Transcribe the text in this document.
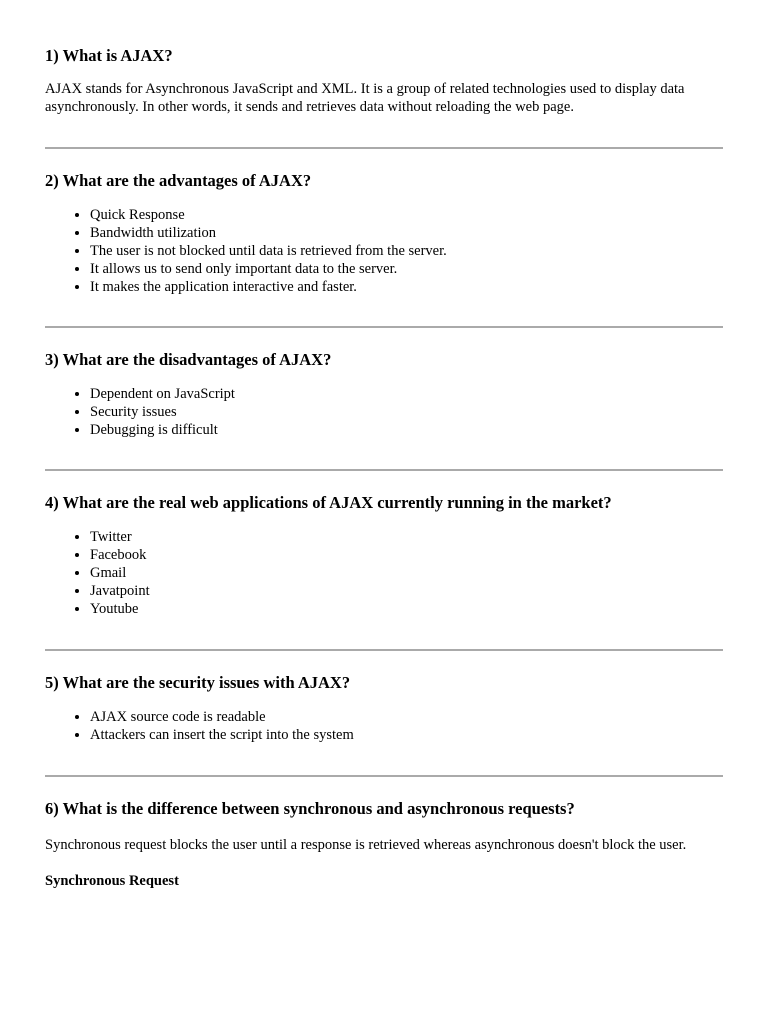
1) What is AJAX?

AJAX stands for Asynchronous JavaScript and XML. It is a group of related technologies used to display data asynchronously. In other words, it sends and retrieves data without reloading the web page.

2) What are the advantages of AJAX?
• Quick Response
• Bandwidth utilization
• The user is not blocked until data is retrieved from the server.
• It allows us to send only important data to the server.
• It makes the application interactive and faster.
3) What are the disadvantages of AJAX?
• Dependent on JavaScript
• Security issues
• Debugging is difficult
4) What are the real web applications of AJAX currently running in the market?
• Twitter
• Facebook
• Gmail
• Javatpoint
• Youtube
5) What are the security issues with AJAX?
• AJAX source code is readable
• Attackers can insert the script into the system
6) What is the difference between synchronous and asynchronous requests?

Synchronous request blocks the user until a response is retrieved whereas asynchronous doesn't block the user.

Synchronous Request
